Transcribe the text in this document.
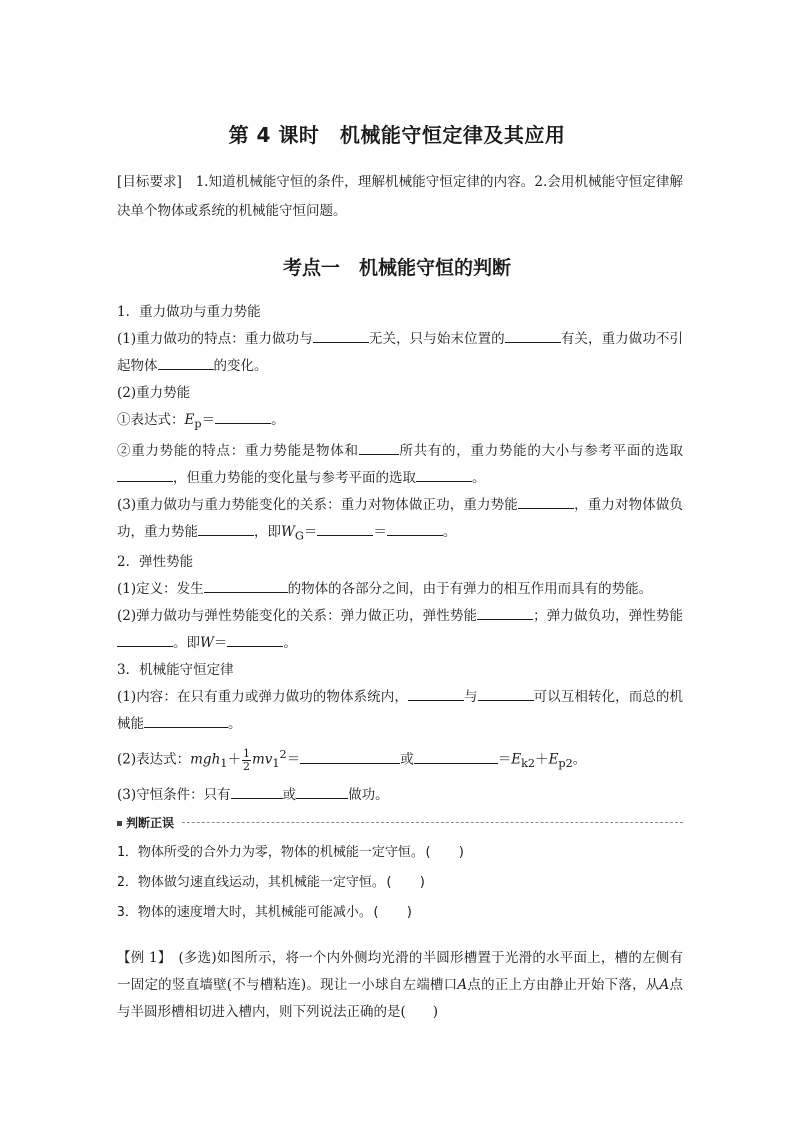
第 4 课时　机械能守恒定律及其应用
[目标要求]　 1.知道机械能守恒的条件，理解机械能守恒定律的内容。2.会用机械能守恒定律解决单个物体或系统的机械能守恒问题。
考点一　机械能守恒的判断

1．重力做功与重力势能

(1)重力做功的特点：重力做功与	无关，只与始末位置的	有关，重力做功不引起物体	的变化。

(2)重力势能

①表达式：$E_p=$	。

②重力势能的特点：重力势能是物体和	所共有的，重力势能的大小与参考平面的选取，但重力势能的变化量与参考平面的选取	。

(3)重力做功与重力势能变化的关系：重力对物体做正功，重力势能	，重力对物体做负功，重力势能	，即$W_G=$	＝	。

2．弹性势能

(1)定义：发生	的物体的各部分之间，由于有弹力的相互作用而具有的势能。

(2)弹力做功与弹性势能变化的关系：弹力做正功，弹性势能	；弹力做负功，弹性势能。即W＝	。

3．机械能守恒定律

(1)内容：在只有重力或弹力做功的物体系统内，	与	可以互相转化，而总的机械能	。

(2)表达式：$mgh_1+ \frac{1}{2} mv_1^2=$	或	$=E_{k2}+E_{p2}$。

(3)守恒条件：只有	或	做功。

判断正误

1．物体所受的合外力为零，物体的机械能一定守恒。(　　)

2．物体做匀速直线运动，其机械能一定守恒。(　　)

3．物体的速度增大时，其机械能可能减小。(　　)

【例 1】　 (多选)如图所示，将一个内外侧均光滑的半圆形槽置于光滑的水平面上，槽的左侧有一固定的竖直墙壁(不与槽粘连)。现让一小球自左端槽口A点的正上方由静止开始下落，从A点与半圆形槽相切进入槽内，则下列说法正确的是(　　)
